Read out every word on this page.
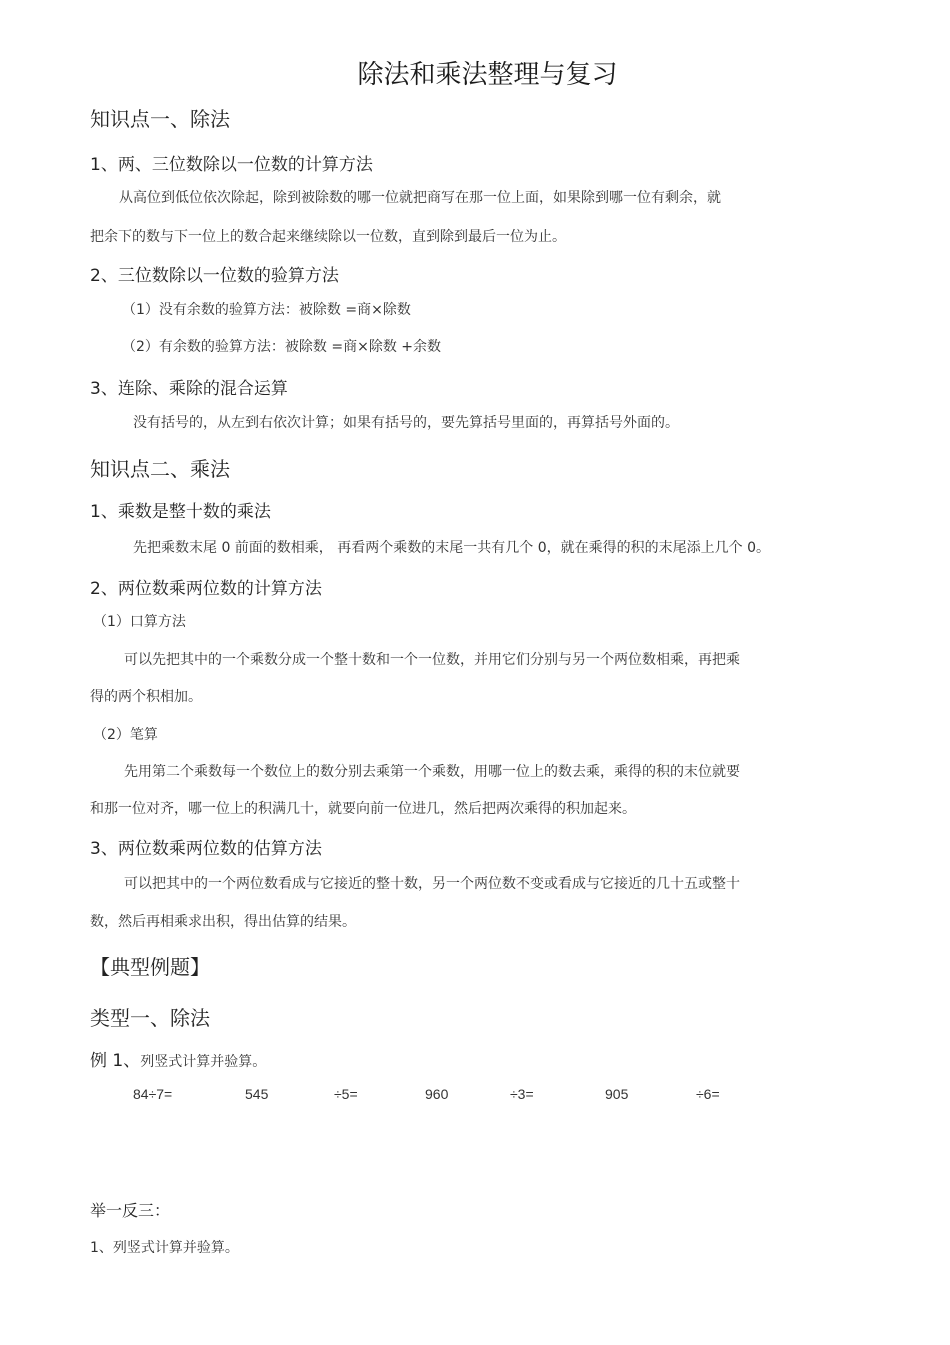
除法和乘法整理与复习
知识点一、除法
1、两、三位数除以一位数的计算方法
从高位到低位依次除起，除到被除数的哪一位就把商写在那一位上面，如果除到哪一位有剩余，就
把余下的数与下一位上的数合起来继续除以一位数，直到除到最后一位为止。
2、三位数除以一位数的验算方法
（1）没有余数的验算方法：被除数 =商×除数
（2）有余数的验算方法：被除数 =商×除数 +余数
3、连除、乘除的混合运算
没有括号的，从左到右依次计算；如果有括号的，要先算括号里面的，再算括号外面的。
知识点二、乘法
1、乘数是整十数的乘法
先把乘数末尾 0 前面的数相乘， 再看两个乘数的末尾一共有几个 0，就在乘得的积的末尾添上几个 0。
2、两位数乘两位数的计算方法
（1）口算方法
可以先把其中的一个乘数分成一个整十数和一个一位数，并用它们分别与另一个两位数相乘，再把乘
得的两个积相加。
（2）笔算
先用第二个乘数每一个数位上的数分别去乘第一个乘数，用哪一位上的数去乘，乘得的积的末位就要
和那一位对齐，哪一位上的积满几十，就要向前一位进几，然后把两次乘得的积加起来。
3、两位数乘两位数的估算方法
可以把其中的一个两位数看成与它接近的整十数，另一个两位数不变或看成与它接近的几十五或整十
数，然后再相乘求出积，得出估算的结果。
【典型例题】
类型一、除法
例 1、列竖式计算并验算。
84÷7=	545	÷5=	960	÷3=	905	÷6=
举一反三：
1、列竖式计算并验算。
